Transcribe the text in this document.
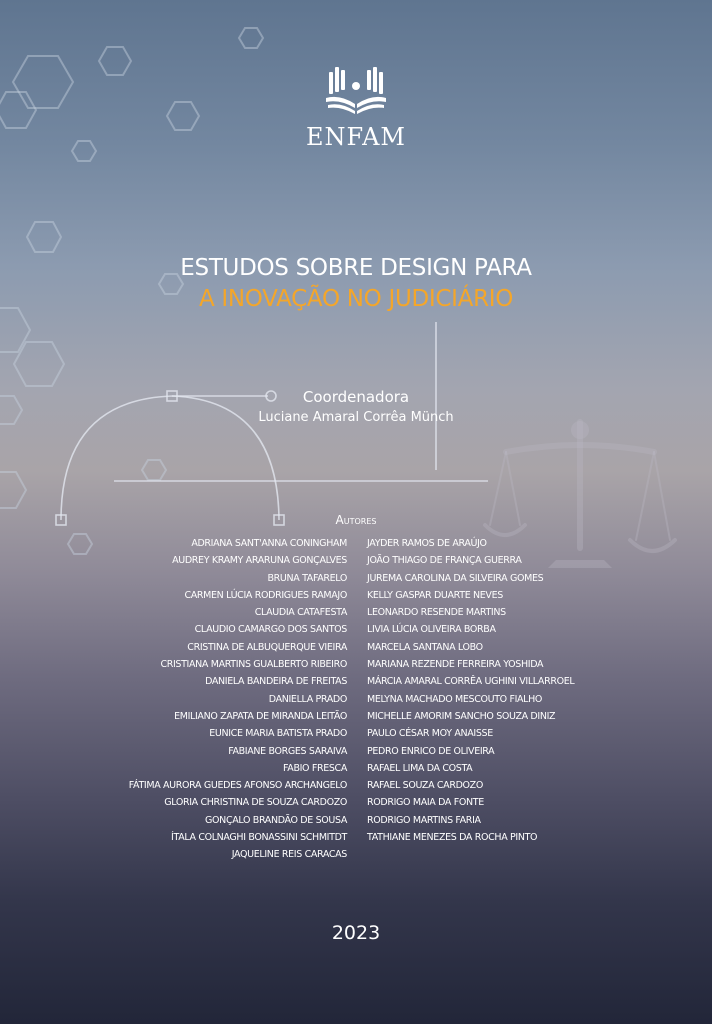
ENFAM
ESTUDOS SOBRE DESIGN PARA
A INOVAÇÃO NO JUDICIÁRIO
Coordenadora
Luciane Amaral Corrêa Münch
Autores
ADRIANA SANT'ANNA CONINGHAM
AUDREY KRAMY ARARUNA GONÇALVES
BRUNA TAFARELO
CARMEN LÚCIA RODRIGUES RAMAJO
CLAUDIA CATAFESTA
CLAUDIO CAMARGO DOS SANTOS
CRISTINA DE ALBUQUERQUE VIEIRA
CRISTIANA MARTINS GUALBERTO RIBEIRO
DANIELA BANDEIRA DE FREITAS
DANIELLA PRADO
EMILIANO ZAPATA DE MIRANDA LEITÃO
EUNICE MARIA BATISTA PRADO
FABIANE BORGES SARAIVA
FABIO FRESCA
FÁTIMA AURORA GUEDES AFONSO ARCHANGELO
GLORIA CHRISTINA DE SOUZA CARDOZO
GONÇALO BRANDÃO DE SOUSA
ÍTALA COLNAGHI BONASSINI SCHMITDT
JAQUELINE REIS CARACAS
JAYDER RAMOS DE ARAÚJO
JOÃO THIAGO DE FRANÇA GUERRA
JUREMA CAROLINA DA SILVEIRA GOMES
KELLY GASPAR DUARTE NEVES
LEONARDO RESENDE MARTINS
LIVIA LÚCIA OLIVEIRA BORBA
MARCELA SANTANA LOBO
MARIANA REZENDE FERREIRA YOSHIDA
MÁRCIA AMARAL CORRÊA UGHINI VILLARROEL
MELYNA MACHADO MESCOUTO FIALHO
MICHELLE AMORIM SANCHO SOUZA DINIZ
PAULO CÉSAR MOY ANAISSE
PEDRO ENRICO DE OLIVEIRA
RAFAEL LIMA DA COSTA
RAFAEL SOUZA CARDOZO
RODRIGO MAIA DA FONTE
RODRIGO MARTINS FARIA
TATHIANE MENEZES DA ROCHA PINTO
2023
